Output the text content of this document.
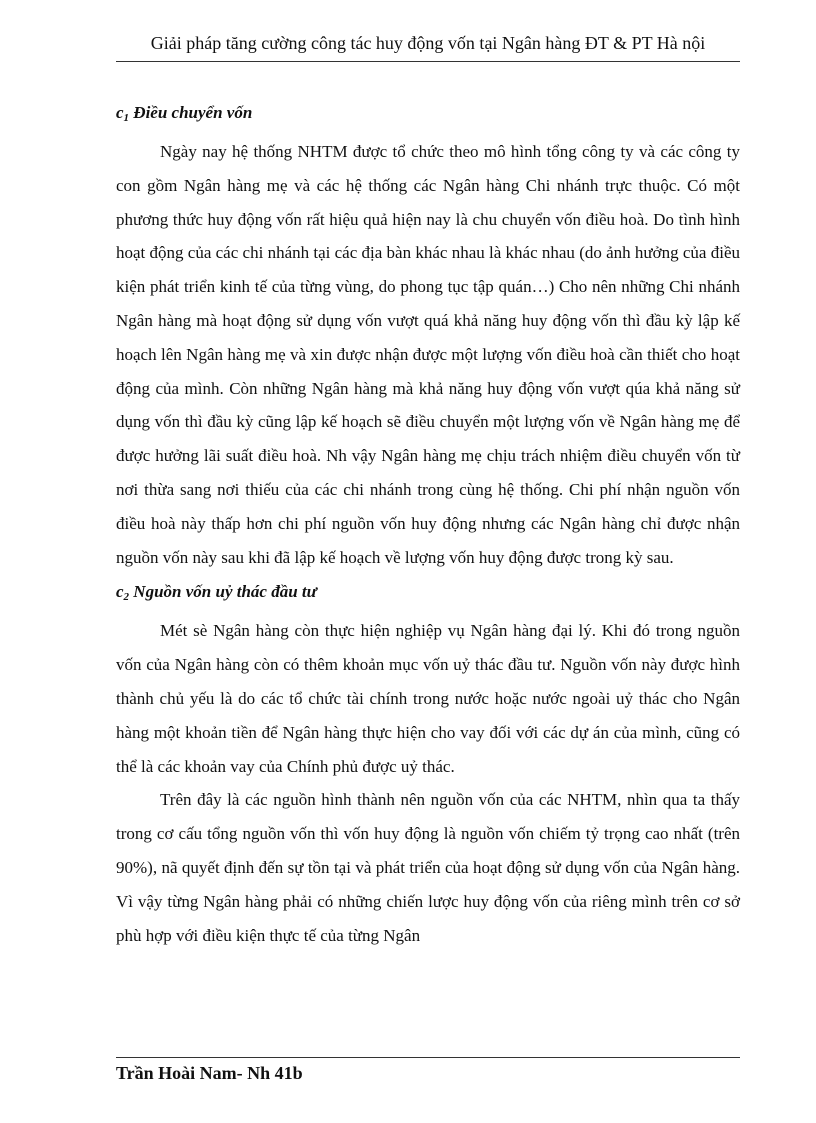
Giải pháp tăng cường công tác huy động vốn tại Ngân hàng ĐT & PT Hà nội

$c_1$ Điều chuyển vốn

Ngày nay hệ thống NHTM được tổ chức theo mô hình tổng công ty và các công ty con gồm Ngân hàng mẹ và các hệ thống các Ngân hàng Chi nhánh trực thuộc. Có một phương thức huy động vốn rất hiệu quả hiện nay là chu chuyển vốn điều hoà. Do tình hình hoạt động của các chi nhánh tại các địa bàn khác nhau là khác nhau (do ảnh hưởng của điều kiện phát triển kinh tế của từng vùng, do phong tục tập quán…) Cho nên những Chi nhánh Ngân hàng mà hoạt động sử dụng vốn vượt quá khả năng huy động vốn thì đầu kỳ lập kế hoạch lên Ngân hàng mẹ và xin được nhận được một lượng vốn điều hoà cần thiết cho hoạt động của mình. Còn những Ngân hàng mà khả năng huy động vốn vượt qúa khả năng sử dụng vốn thì đầu kỳ cũng lập kế hoạch sẽ điều chuyển một lượng vốn về Ngân hàng mẹ để được hưởng lãi suất điều hoà. Nh vậy Ngân hàng mẹ chịu trách nhiệm điều chuyển vốn từ nơi thừa sang nơi thiếu của các chi nhánh trong cùng hệ thống. Chi phí nhận nguồn vốn điều hoà này thấp hơn chi phí nguồn vốn huy động nhưng các Ngân hàng chỉ được nhận nguồn vốn này sau khi đã lập kế hoạch về lượng vốn huy động được trong kỳ sau.

$c_2$ Nguồn vốn uỷ thác đầu tư

Mét sè Ngân hàng còn thực hiện nghiệp vụ Ngân hàng đại lý. Khi đó trong nguồn vốn của Ngân hàng còn có thêm khoản mục vốn uỷ thác đầu tư. Nguồn vốn này được hình thành chủ yếu là do các tổ chức tài chính trong nước hoặc nước ngoài uỷ thác cho Ngân hàng một khoản tiền để Ngân hàng thực hiện cho vay đối với các dự án của mình, cũng có thể là các khoản vay của Chính phủ được uỷ thác.

Trên đây là các nguồn hình thành nên nguồn vốn của các NHTM, nhìn qua ta thấy trong cơ cấu tổng nguồn vốn thì vốn huy động là nguồn vốn chiếm tỷ trọng cao nhất (trên 90%), nã quyết định đến sự tồn tại và phát triển của hoạt động sử dụng vốn của Ngân hàng. Vì vậy từng Ngân hàng phải có những chiến lược huy động vốn của riêng mình trên cơ sở phù hợp với điều kiện thực tế của từng Ngân

Trần Hoài Nam- Nh 41b
